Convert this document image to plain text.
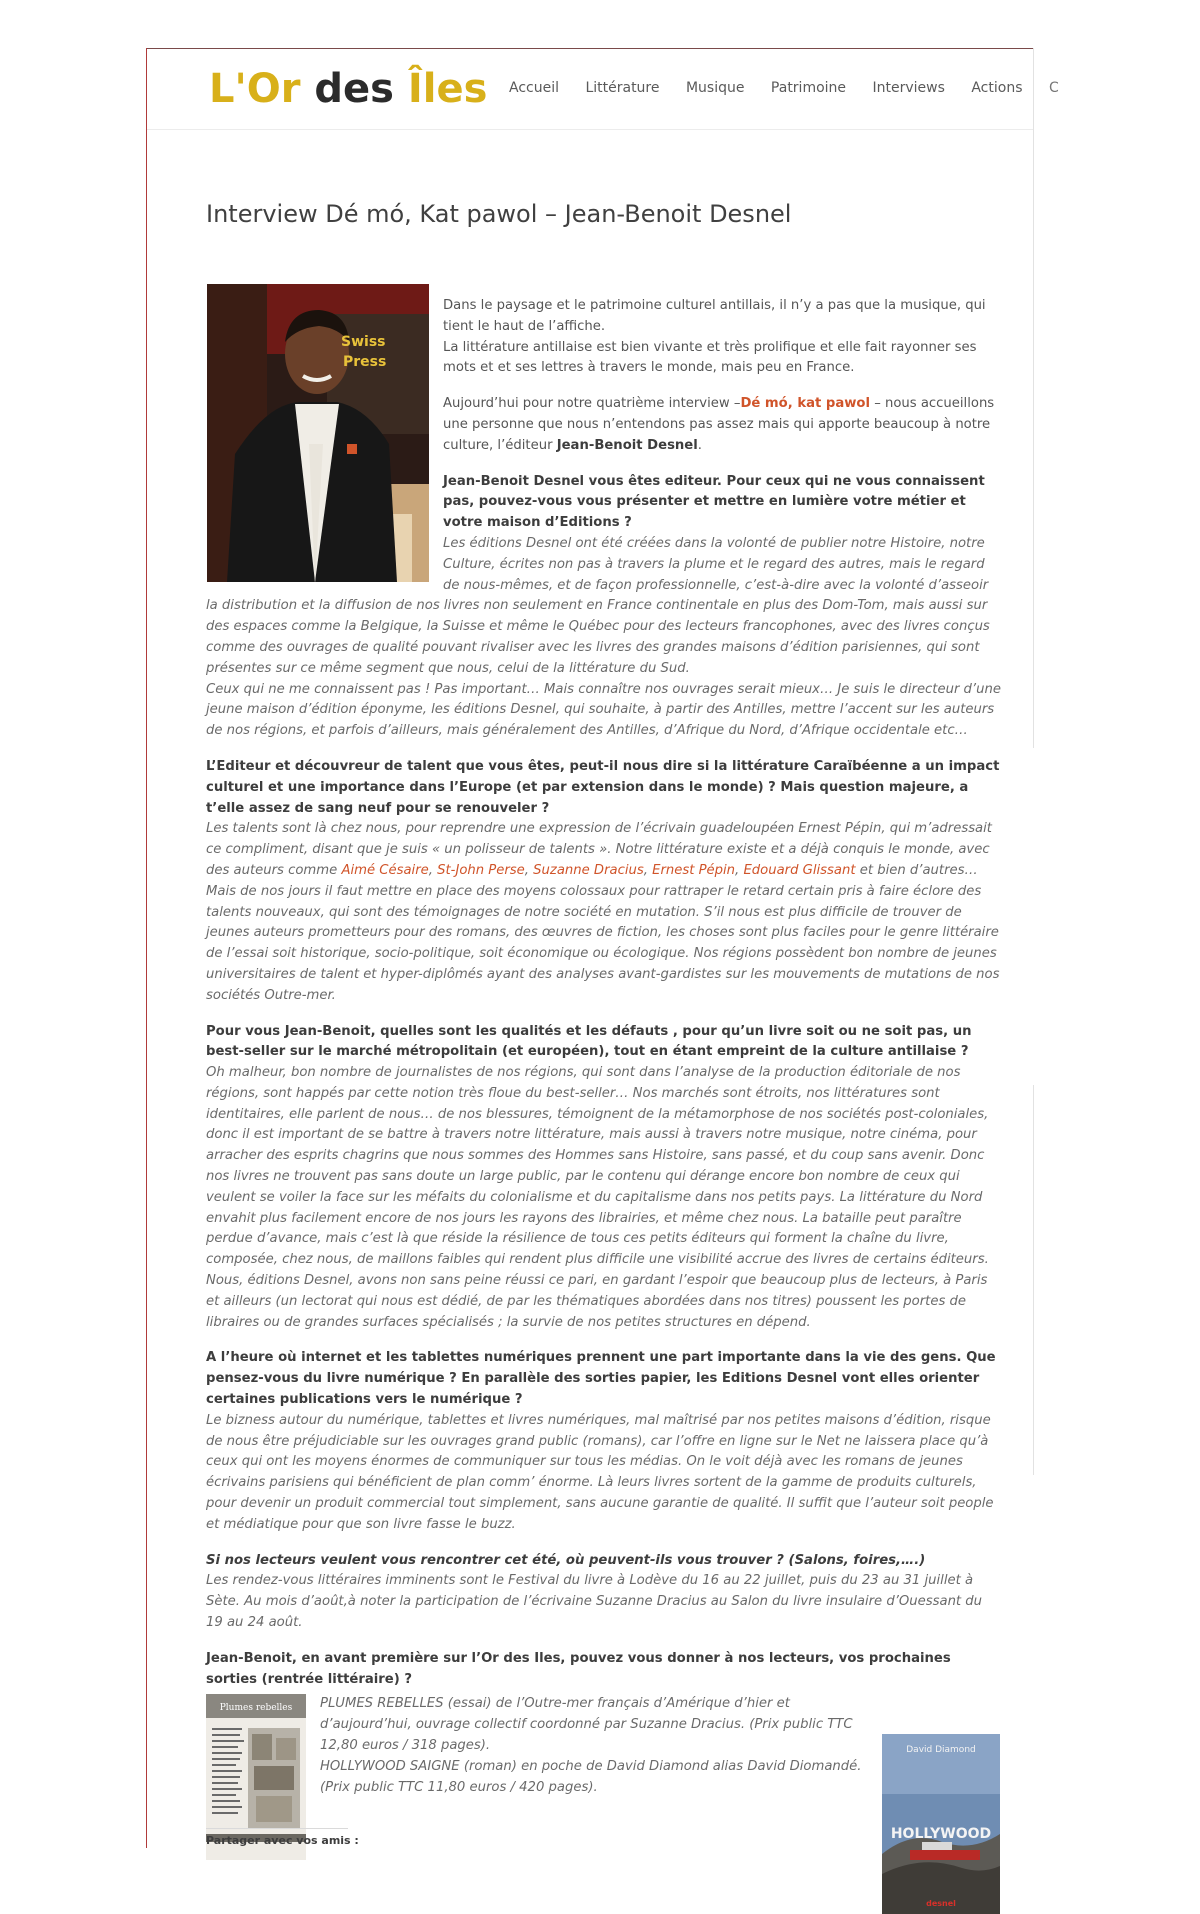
L'Or des Îles Accueil Littérature Musique Patrimoine Interviews Actions C
Interview Dé mó, Kat pawol – Jean-Benoit Desnel
Swiss
Press

Dans le paysage et le patrimoine culturel antillais, il n’y a pas que la musique, qui tient le haut de l’affiche.
La littérature antillaise est bien vivante et très prolifique et elle fait rayonner ses mots et et ses lettres à travers le monde, mais peu en France.

Aujourd’hui pour notre quatrième interview –Dé mó, kat pawol – nous accueillons une personne que nous n’entendons pas assez mais qui apporte beaucoup à notre culture, l’éditeur Jean-Benoit Desnel.

Jean-Benoit Desnel vous êtes editeur. Pour ceux qui ne vous connaissent pas, pouvez-vous vous présenter et mettre en lumière votre métier et votre maison d’Editions ?
Les éditions Desnel ont été créées dans la volonté de publier notre Histoire, notre Culture, écrites non pas à travers la plume et le regard des autres, mais le regard de nous-mêmes, et de façon professionnelle, c’est-à-dire avec la volonté d’asseoir la distribution et la diffusion de nos livres non seulement en France continentale en plus des Dom-Tom, mais aussi sur des espaces comme la Belgique, la Suisse et même le Québec pour des lecteurs francophones, avec des livres conçus comme des ouvrages de qualité pouvant rivaliser avec les livres des grandes maisons d’édition parisiennes, qui sont présentes sur ce même segment que nous, celui de la littérature du Sud.
Ceux qui ne me connaissent pas ! Pas important… Mais connaître nos ouvrages serait mieux… Je suis le directeur d’une jeune maison d’édition éponyme, les éditions Desnel, qui souhaite, à partir des Antilles, mettre l’accent sur les auteurs de nos régions, et parfois d’ailleurs, mais généralement des Antilles, d’Afrique du Nord, d’Afrique occidentale etc…

L’Editeur et découvreur de talent que vous êtes, peut-il nous dire si la littérature Caraïbéenne a un impact culturel et une importance dans l’Europe (et par extension dans le monde) ? Mais question majeure, a t’elle assez de sang neuf pour se renouveler ?
Les talents sont là chez nous, pour reprendre une expression de l’écrivain guadeloupéen Ernest Pépin, qui m’adressait ce compliment, disant que je suis « un polisseur de talents ». Notre littérature existe et a déjà conquis le monde, avec des auteurs comme Aimé Césaire, St-John Perse, Suzanne Dracius, Ernest Pépin, Edouard Glissant et bien d’autres… Mais de nos jours il faut mettre en place des moyens colossaux pour rattraper le retard certain pris à faire éclore des talents nouveaux, qui sont des témoignages de notre société en mutation. S’il nous est plus difficile de trouver de jeunes auteurs prometteurs pour des romans, des œuvres de fiction, les choses sont plus faciles pour le genre littéraire de l’essai soit historique, socio-politique, soit économique ou écologique. Nos régions possèdent bon nombre de jeunes universitaires de talent et hyper-diplômés ayant des analyses avant-gardistes sur les mouvements de mutations de nos sociétés Outre-mer.

Pour vous Jean-Benoit, quelles sont les qualités et les défauts , pour qu’un livre soit ou ne soit pas, un best-seller sur le marché métropolitain (et européen), tout en étant empreint de la culture antillaise ?
Oh malheur, bon nombre de journalistes de nos régions, qui sont dans l’analyse de la production éditoriale de nos régions, sont happés par cette notion très floue du best-seller… Nos marchés sont étroits, nos littératures sont identitaires, elle parlent de nous… de nos blessures, témoignent de la métamorphose de nos sociétés post-coloniales, donc il est important de se battre à travers notre littérature, mais aussi à travers notre musique, notre cinéma, pour arracher des esprits chagrins que nous sommes des Hommes sans Histoire, sans passé, et du coup sans avenir. Donc nos livres ne trouvent pas sans doute un large public, par le contenu qui dérange encore bon nombre de ceux qui veulent se voiler la face sur les méfaits du colonialisme et du capitalisme dans nos petits pays. La littérature du Nord envahit plus facilement encore de nos jours les rayons des librairies, et même chez nous. La bataille peut paraître perdue d’avance, mais c’est là que réside la résilience de tous ces petits éditeurs qui forment la chaîne du livre, composée, chez nous, de maillons faibles qui rendent plus difficile une visibilité accrue des livres de certains éditeurs. Nous, éditions Desnel, avons non sans peine réussi ce pari, en gardant l’espoir que beaucoup plus de lecteurs, à Paris et ailleurs (un lectorat qui nous est dédié, de par les thématiques abordées dans nos titres) poussent les portes de libraires ou de grandes surfaces spécialisés ; la survie de nos petites structures en dépend.

A l’heure où internet et les tablettes numériques prennent une part importante dans la vie des gens. Que pensez-vous du livre numérique ? En parallèle des sorties papier, les Editions Desnel vont elles orienter certaines publications vers le numérique ?
Le bizness autour du numérique, tablettes et livres numériques, mal maîtrisé par nos petites maisons d’édition, risque de nous être préjudiciable sur les ouvrages grand public (romans), car l’offre en ligne sur le Net ne laissera place qu’à ceux qui ont les moyens énormes de communiquer sur tous les médias. On le voit déjà avec les romans de jeunes écrivains parisiens qui bénéficient de plan comm’ énorme. Là leurs livres sortent de la gamme de produits culturels, pour devenir un produit commercial tout simplement, sans aucune garantie de qualité. Il suffit que l’auteur soit people et médiatique pour que son livre fasse le buzz.

Si nos lecteurs veulent vous rencontrer cet été, où peuvent-ils vous trouver ? (Salons, foires,….)
Les rendez-vous littéraires imminents sont le Festival du livre à Lodève du 16 au 22 juillet, puis du 23 au 31 juillet à Sète. Au mois d’août,à noter la participation de l’écrivaine Suzanne Dracius au Salon du livre insulaire d’Ouessant du 19 au 24 août.

Jean-Benoit, en avant première sur l’Or des Iles, pouvez vous donner à nos lecteurs, vos prochaines sorties (rentrée littéraire) ?

Plumes rebelles PLUMES REBELLES (essai) de l’Outre-mer français d’Amérique d’hier et d’aujourd’hui, ouvrage collectif coordonné par Suzanne Dracius. (Prix public TTC 12,80 euros / 318 pages).
HOLLYWOOD SAIGNE (roman) en poche de David Diamond alias David Diomandé. (Prix public TTC 11,80 euros / 420 pages).
David Diamond
HOLLYWOOD
desnel
Partager avec vos amis :
